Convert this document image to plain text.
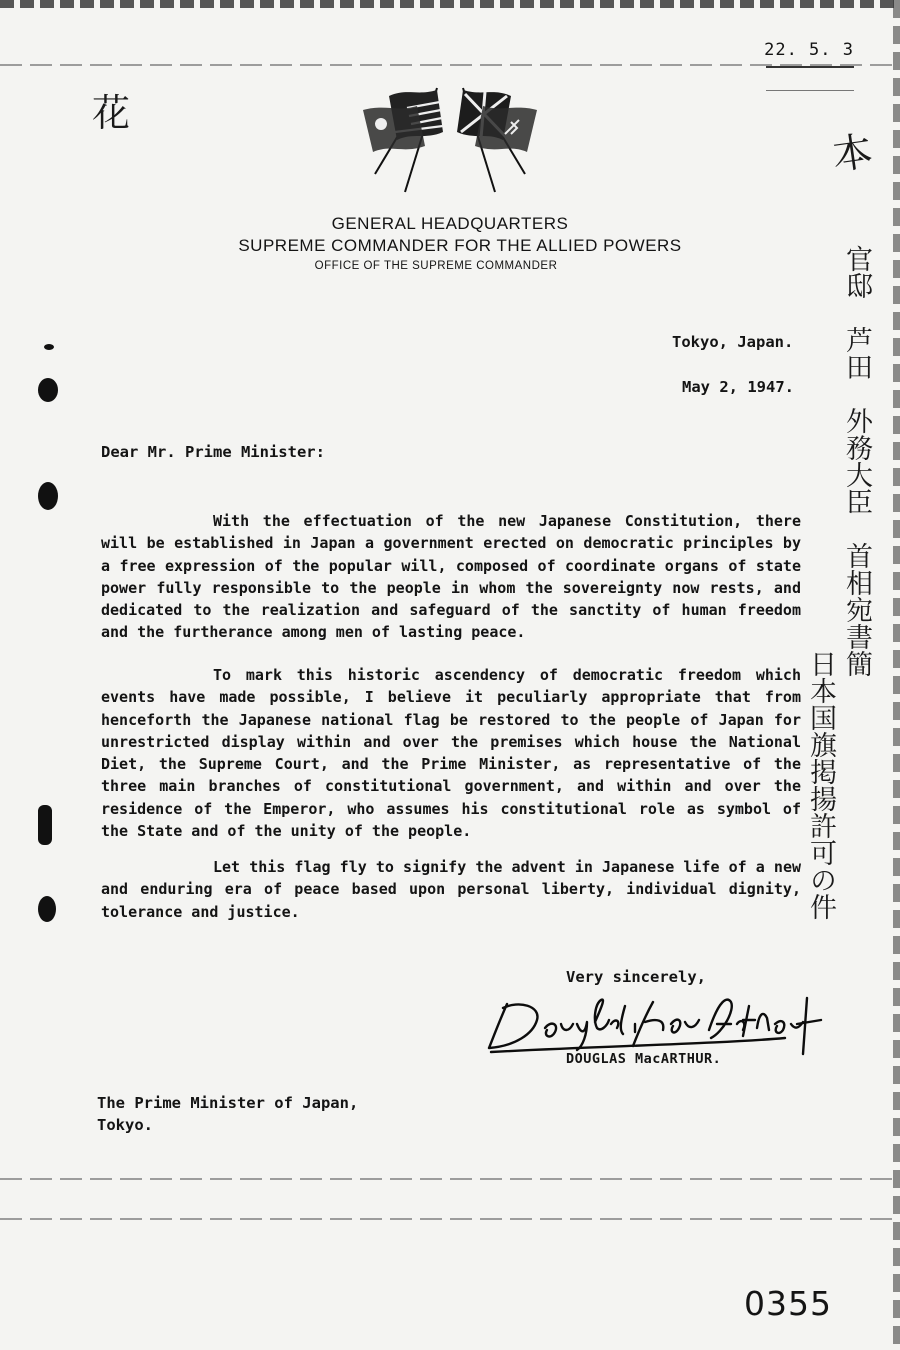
22. 5. 3
花
本
官邸　芦田　外務大臣　首相宛書簡
日本国旗掲揚許可の件
GENERAL HEADQUARTERS
SUPREME COMMANDER FOR THE ALLIED POWERS
OFFICE OF THE SUPREME COMMANDER
Tokyo, Japan.
May 2, 1947.
Dear Mr. Prime Minister:

With the effectuation of the new Japanese Constitution, there will be established in Japan a government erected on democratic principles by a free expression of the popular will, composed of coordinate organs of state power fully responsible to the people in whom the sovereignty now rests, and dedicated to the realization and safeguard of the sanctity of human freedom and the furtherance among men of lasting peace.

To mark this historic ascendency of democratic freedom which events have made possible, I believe it peculiarly appropriate that from henceforth the Japanese national flag be restored to the people of Japan for unrestricted display within and over the premises which house the National Diet, the Supreme Court, and the Prime Minister, as representative of the three main branches of constitutional government, and within and over the residence of the Emperor, who assumes his constitutional role as symbol of the State and of the unity of the people.

Let this flag fly to signify the advent in Japanese life of a new and enduring era of peace based upon personal liberty, individual dignity, tolerance and justice.

Very sincerely,
DOUGLAS MacARTHUR.
The Prime Minister of Japan,
Tokyo.
0355
